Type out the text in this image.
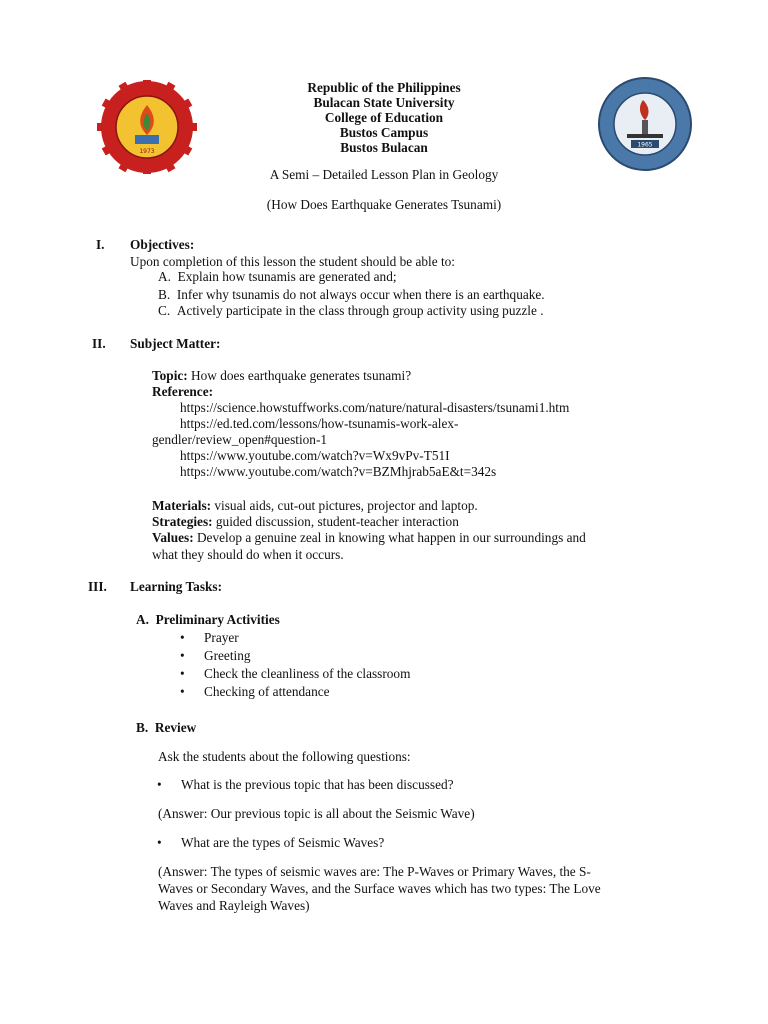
1973
1965
Republic of the Philippines
Bulacan State University
College of Education
Bustos Campus
Bustos Bulacan
A Semi – Detailed Lesson Plan in Geology
(How Does Earthquake Generates Tsunami)
I. Objectives:
Upon completion of this lesson the student should be able to:
A. Explain how tsunamis are generated and;
B. Infer why tsunamis do not always occur when there is an earthquake.
C. Actively participate in the class through group activity using puzzle .
II. Subject Matter:
Topic: How does earthquake generates tsunami?
Reference:
https://science.howstuffworks.com/nature/natural-disasters/tsunami1.htm
https://ed.ted.com/lessons/how-tsunamis-work-alex-
gendler/review_open#question-1
https://www.youtube.com/watch?v=Wx9vPv-T51I
https://www.youtube.com/watch?v=BZMhjrab5aE&t=342s
Materials: visual aids, cut-out pictures, projector and laptop.
Strategies: guided discussion, student-teacher interaction
Values: Develop a genuine zeal in knowing what happen in our surroundings and
what they should do when it occurs.
III. Learning Tasks:
A. Preliminary Activities
• Prayer
• Greeting
• Check the cleanliness of the classroom
• Checking of attendance
B. Review
Ask the students about the following questions:
• What is the previous topic that has been discussed?
(Answer: Our previous topic is all about the Seismic Wave)
• What are the types of Seismic Waves?
(Answer: The types of seismic waves are: The P-Waves or Primary Waves, the S-
Waves or Secondary Waves, and the Surface waves which has two types: The Love
Waves and Rayleigh Waves)
